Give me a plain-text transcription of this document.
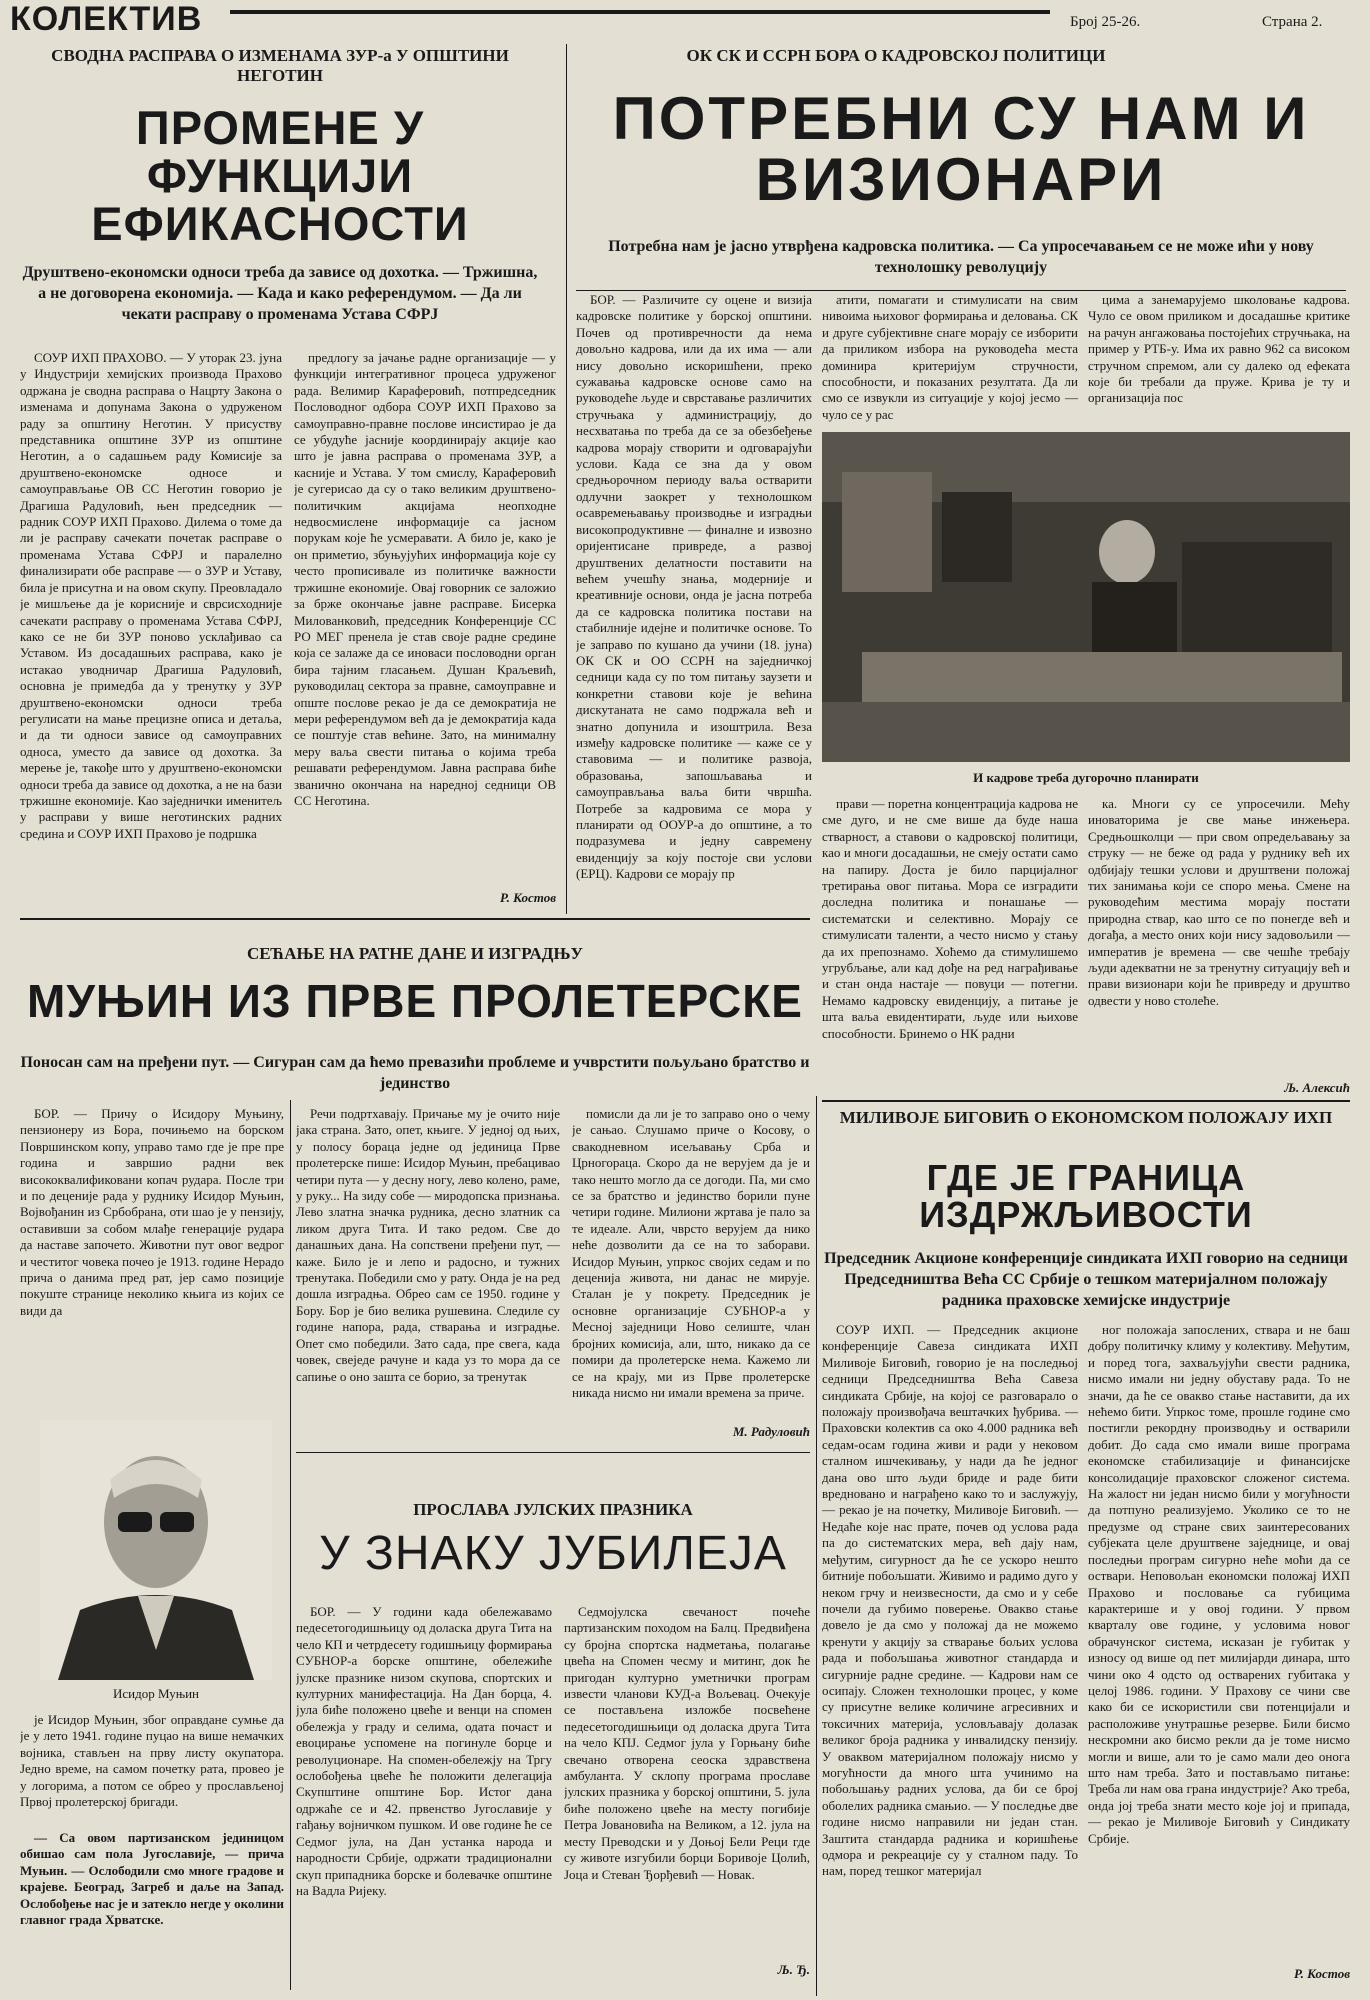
КОЛЕКТИВ	Број 25-26.	Страна 2.
СВОДНА РАСПРАВА О ИЗМЕНАМА ЗУР-а У ОПШТИНИ НЕГОТИН
ПРОМЕНЕ У ФУНКЦИЈИ ЕФИКАСНОСТИ
Друштвено-економски односи треба да зависе од дохотка. — Тржишна, а не договорена економија. — Када и како референдумом. — Да ли чекати расправу о променама Устава СФРЈ

СОУР ИХП ПРАХОВО. — У уторак 23. јуна у Индустрији хемијских производа Прахово одржана је сводна расправа о Нацрту Закона о изменама и допунама Закона о удруженом раду за општину Неготин. У присуству представника општине ЗУР из општине Неготин, а о садашњем раду Комисије за друштвено-економске односе и самоуправљање ОВ СС Неготин говорио је Драгиша Радуловић, њен председник — радник СОУР ИХП Прахово. Дилема о томе да ли је расправу сачекати почетак расправе о променама Устава СФРЈ и паралелно финализирати обе расправе — о ЗУР и Уставу, била је присутна и на овом скупу. Преовладало је мишљење да је корисније и сврсисходније сачекати расправу о променама Устава СФРЈ, како се не би ЗУР поново усклађивао са Уставом. Из досадашњих расправа, како је истакао уводничар Драгиша Радуловић, основна је примедба да у тренутку у ЗУР друштвено-економски односи треба регулисати на мање прецизне описа и детаља, и да ти односи зависе од самоуправних односа, уместо да зависе од дохотка. За мерење је, такође што у друштвено-економски односи треба да зависе од дохотка, а не на бази тржишне економије. Као заједнички именитељ у расправи у више неготинских радних средина и СОУР ИХП Прахово је подршка

предлогу за јачање радне организације — у функцији интегративног процеса удруженог рада. Велимир Караферовић, потпредседник Пословодног одбора СОУР ИХП Прахово за самоуправно-правне послове инсистирао је да се убудуће јасније координирају акције као што је јавна расправа о променама ЗУР, а касније и Устава. У том смислу, Караферовић је сугерисао да су о тако великим друштвено-политичким акцијама неопходне недвосмислене информације са јасном порукам које ће усмеравати. А било је, како је он приметио, збуњујућих информација које су често прописивале из политичке важности тржишне економије. Овај говорник се заложио за брже окончање јавне расправе. Бисерка Милованковић, председник Конференције СС РО МЕГ пренела је став своје радне средине која се залаже да се иноваси пословодни орган бира тајним гласањем. Душан Краљевић, руководилац сектора за правне, самоуправне и опште послове рекао је да се демократија не мери референдумом већ да је демократија када се поштује став већине. Зато, на минималну меру ваља свести питања о којима треба решавати референдумом. Јавна расправа биће званично окончана на наредној седници ОВ СС Неготина.

Р. Костов
ОК СК И ССРН БОРА О КАДРОВСКОЈ ПОЛИТИЦИ
ПОТРЕБНИ СУ НАМ И ВИЗИОНАРИ
Потребна нам је јасно утврђена кадровска политика. — Са упросечавањем се не може ићи у нову технолошку револуцију

БОР. — Различите су оцене и визија кадровске политике у борској општини. Почев од противречности да нема довољно кадрова, или да их има — али нису довољно искоришћени, преко сужавања кадровске основе само на руководеће људе и сврставање различитих стручњака у администрацију, до несхватања по треба да се за обезбеђење кадрова морају створити и одговарајући услови. Када се зна да у овом средњорочном периоду ваља остварити одлучни заокрет у технолошком осавремењавању производње и изградњи високопродуктивне — финалне и извозно оријентисане привреде, а развој друштвених делатности поставити на већем учешћу знања, модерније и креативније основи, онда је јасна потреба да се кадровска политика постави на стабилније идејне и политичке основе. То је заправо по кушано да учини (18. јуна) ОК СК и ОО ССРН на заједничкој седници када су по том питању заузети и конкретни ставови које је већина дискутаната не само подржала већ и знатно допунила и изоштрила. Веза између кадровске политике — каже се у ставовима — и политике развоја, образовања, запошљавања и самоуправљања ваља бити чвршћа. Потребе за кадровима се мора у планирати од ООУР-а до општине, а то подразумева и једну савремену евиденцију за коју постоје сви услови (ЕРЦ). Кадрови се морају пр

атити, помагати и стимулисати на свим нивоима њиховог формирања и деловања. СК и друге субјективне снаге морају се изборити да приликом избора на руководећа места доминира критеријум стручности, способности, и показаних резултата. Да ли смо се извукли из ситуације у којој јесмо — чуло се у рас

цима а занемарујемо школовање кадрова. Чуло се овом приликом и досадашње критике на рачун ангажовања постојећих стручњака, на пример у РТБ-у. Има их равно 962 са високом стручном спремом, али су далеко од ефеката које би требали да пруже. Крива је ту и организација пос

И кадрове треба дугорочно планирати

прави — поретна концентрација кадрова не сме дуго, и не сме више да буде наша стварност, а ставови о кадровској политици, као и многи досадашњи, не смеју остати само на папиру. Доста је било парцијалног третирања овог питања. Мора се изградити доследна политика и понашање — систематски и селективно. Морају се стимулисати таленти, а често нисмо у стању да их препознамо. Хоћемо да стимулишемо угрубљање, али кад дође на ред награђивање и стан онда настаје — повуци — потегни. Немамо кадровску евиденцију, а питање је шта ваља евидентирати, људе или њихове способности. Бринемо о НК радни

ка. Многи су се упросечили. Мећу иноваторима је све мање инжењера. Средњошколци — при свом опредељавању за струку — не беже од рада у руднику већ их одбијају тешки услови и друштвени положај тих занимања који се споро мења. Смене на руководећим местима морају постати природна ствар, као што се по понегде већ и догађа, а место оних који нису задовољили — императив је времена — све чешће требају људи адекватни не за тренутну ситуацију већ и прави визионари који ће привреду и друштво одвести у ново столеће.

Љ. Алексић
СЕЋАЊЕ НА РАТНЕ ДАНЕ И ИЗГРАДЊУ
МУЊИН ИЗ ПРВЕ ПРОЛЕТЕРСКЕ
Поносан сам на пређени пут. — Сигуран сам да ћемо превазићи проблеме и учврстити пољуљано братство и јединство

БОР. — Причу о Исидору Муњину, пензионеру из Бора, почињемо на борском Површинском копу, управо тамо где је пре пре година и завршио радни век висококвалификовани копач рудара. После три и по деценије рада у руднику Исидор Муњин, Војвођанин из Србобрана, оти шао је у пензију, оставивши за собом млађе генерације рудара да наставе започето. Животни пут овог ведрог и честитог човека почео је 1913. године Нерадо прича о данима пред рат, јер само позиције покуште странице неколико књига из којих се види да

Речи подртхавају. Причање му је очито није јака страна. Зато, опет, књиге. У једној од њих, у полосу бораца једне од јединица Прве пролетерске пише: Исидор Муњин, пребацивао четири пута — у десну ногу, лево колено, раме, у руку... На зиду собе — миродопска признања. Лево златна значка рудника, десно златник са ликом друга Тита. И тако редом. Све до данашњих дана. На сопствени пређени пут, — каже. Било је и лепо и радосно, и тужних тренутака. Победили смо у рату. Онда је на ред дошла изградња. Обрео сам се 1950. године у Бору. Бор је био велика рушевина. Следиле су године напора, рада, стварања и изградње. Опет смо победили. Зато сада, пре свега, када човек, свеједе рачуне и када уз то мора да се сапиње о оно зашта се борио, за тренутак

помисли да ли је то заправо оно о чему је сањао. Слушамо приче о Косову, о свакодневном исељавању Срба и Црногораца. Скоро да не верујем да је и тако нешто могло да се догоди. Па, ми смо се за братство и јединство борили пуне четири године. Милиони жртава је пало за те идеале. Али, чврсто верујем да нико неће дозволити да се на то заборави. Исидор Муњин, упркос својих седам и по деценија живота, ни данас не мирује. Сталан је у покрету. Председник је основне организације СУБНОР-а у Месној заједници Ново селиште, члан бројних комисија, али, што, никако да се помири да пролетерске нема. Кажемо ли се на крају, ми из Прве пролетерске никада нисмо ни имали времена за приче.

М. Радуловић
Исидор Муњин

је Исидор Муњин, због оправдане сумње да је у лето 1941. године пуцао на више немачких војника, стављен на прву листу окупатора. Једно време, на самом почетку рата, провео је у логорима, а потом се обрео у прослављеној Првој пролетерској бригади.

— Са овом партизанском јединицом обишао сам пола Југославије, — прича Муњин. — Ослободили смо многе градове и крајеве. Београд, Загреб и даље на Запад. Ослобођење нас је и затекло негде у околини главног града Хрватске.

ПРОСЛАВА ЈУЛСКИХ ПРАЗНИКА
У ЗНАКУ ЈУБИЛЕЈА

БОР. — У години када обележавамо педесетогодишњицу од доласка друга Тита на чело КП и четрдесету годишњицу формирања СУБНОР-а борске општине, обележиће јулске празнике низом скупова, спортских и културних манифестација. На Дан борца, 4. јула биће положено цвеће и венци на спомен обележја у граду и селима, одата почаст и евоцирање успомене на погинуле борце и револуционаре. На спомен-обележју на Тргу ослобођења цвеће ће положити делегација Скупштине општине Бор. Истог дана одржаће се и 42. првенство Југославије у гађању војничком пушком. И ове године ће се Седмог јула, на Дан устанка народа и народности Србије, одржати традиционални скуп припадника борске и болевачке општине на Вадла Ријеку.

Седмојулска свечаност почеће партизанским походом на Балц. Предвиђена су бројна спортска надметања, полагање цвећа на Спомен чесму и митинг, док ће пригодан културно уметнички програм извести чланови КУД-а Вољевац. Очекује се постављена изложбе посвећене педесетогодишњици од доласка друга Тита на чело КПЈ. Седмог јула у Горњану биће свечано отворена сеоска здравствена амбуланта. У склопу програма прославе јулских празника у борској општини, 5. јула биће положено цвеће на месту погибије Петра Јовановића на Великом, а 12. јула на месту Преводски и у Доњој Бели Реци где су животе изгубили борци Боривоје Цолић, Јоца и Стеван Ђорђевић — Новак.

Љ. Ђ.
МИЛИВОЈЕ БИГОВИЋ О ЕКОНОМСКОМ ПОЛОЖАЈУ ИХП
ГДЕ ЈЕ ГРАНИЦА ИЗДРЖЉИВОСТИ
Председник Акционе конференције синдиката ИХП говорио на седници Председништва Већа СС Србије о тешком материјалном положају радника праховске хемијске индустрије

СОУР ИХП. — Председник акционе конференције Савеза синдиката ИХП Миливоје Биговић, говорио је на последњој седници Председништва Већа Савеза синдиката Србије, на којој се разговарало о положају произвођача вештачких ђубрива. — Праховски колектив са око 4.000 радника већ седам-осам година живи и ради у нековом сталном ишчекивању, у нади да ће једног дана ово што људи бриде и раде бити вредновано и награђено како то и заслужују, — рекао је на почетку, Миливоје Биговић. — Недаће које нас прате, почев од услова рада па до систематских мера, већ дају нам, међутим, сигурност да ће се ускоро нешто битније побољшати. Живимо и радимо дуго у неком грчу и неизвесности, да смо и у себе почели да губимо поверење. Овакво стање довело је да смо у положај да не можемо кренути у акцију за стварање бољих услова рада и побољшања животног стандарда и сигурније радне средине. — Кадрови нам се осипају. Сложен технолошки процес, у коме су присутне велике количине агресивних и токсичних материја, условљавају долазак великог броја радника у инвалидску пензију. У оваквом материјалном положају нисмо у могућности да много шта учинимо на побољшању радних услова, да би се број оболелих радника смањио. — У последње две године нисмо направили ни један стан. Заштита стандарда радника и коришћење одмора и рекреације су у сталном паду. То нам, поред тешког материјал

ног положаја запослених, ствара и не баш добру политичку климу у колективу. Међутим, и поред тога, захваљујући свести радника, нисмо имали ни једну обуставу рада. То не значи, да ће се овакво стање наставити, да их нећемо бити. Упркос томе, прошле године смо постигли рекордну производњу и остварили добит. До сада смо имали више програма економске стабилизације и финансијске консолидације праховског сложеног система. На жалост ни један нисмо били у могућности да потпуно реализујемо. Уколико се то не предузме од стране свих заинтересованих субјеката целе друштвене заједнице, и овај последњи програм сигурно неће моћи да се оствари. Неповољан економски положај ИХП Прахово и пословање са губицима карактерише и у овој години. У првом кварталу ове године, у условима новог обрачунског система, исказан је губитак у износу од више од пет милијарди динара, што чини око 4 одсто од остварених губитака у целој 1986. години. У Прахову се чини све како би се искористили сви потенцијали и расположиве унутрашње резерве. Били бисмо нескромни ако бисмо рекли да је томе нисмо могли и више, али то је само мали део онога што нам треба. Зато и постављамо питање: Треба ли нам ова грана индустрије? Ако треба, онда јој треба знати место које јој и припада, — рекао је Миливоје Биговић у Синдикату Србије.

Р. Костов
